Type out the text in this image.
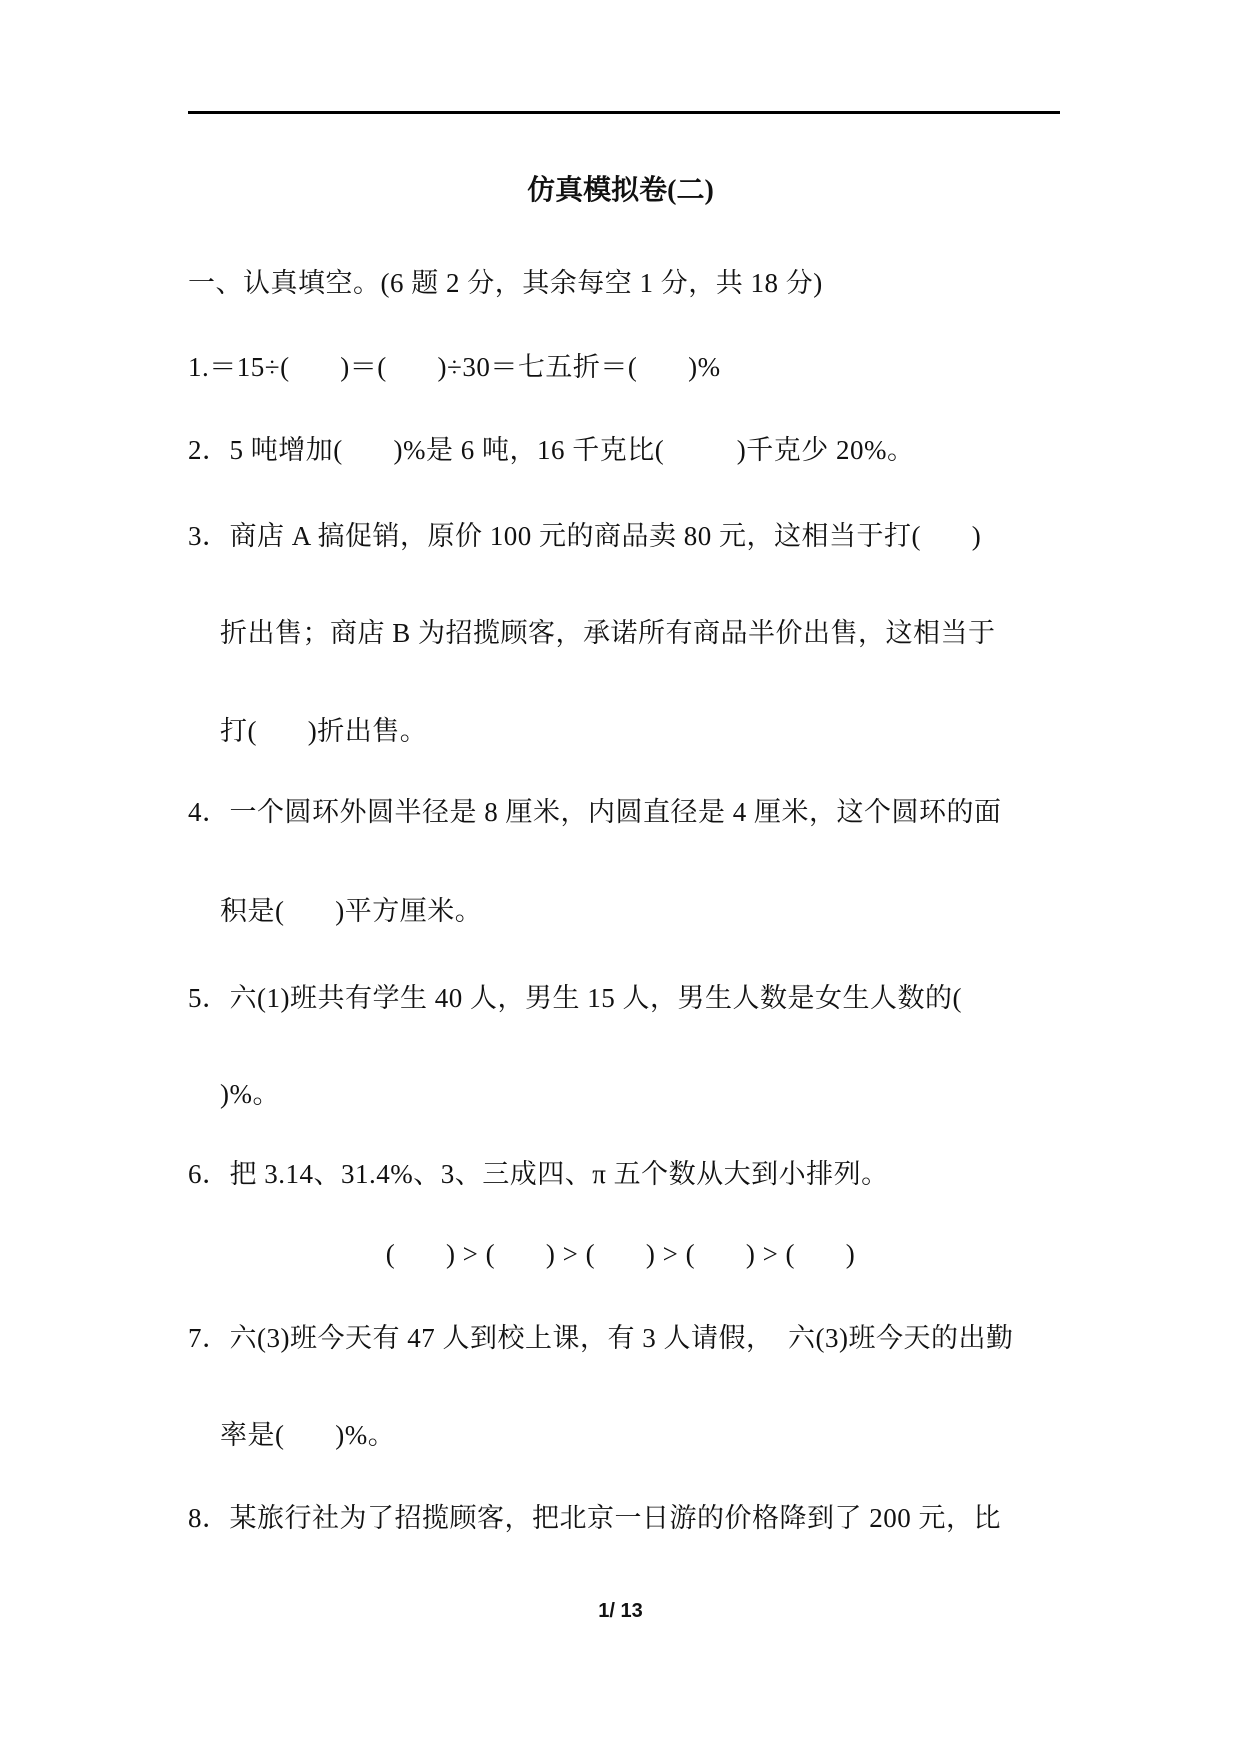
仿真模拟卷(二)
一、认真填空。(6 题 2 分，其余每空 1 分，共 18 分)
1.＝15÷(       )＝(       )÷30＝七五折＝(       )%
2．5 吨增加(       )%是 6 吨，16 千克比(          )千克少 20%。
3．商店 A 搞促销，原价 100 元的商品卖 80 元，这相当于打(       )
折出售；商店 B 为招揽顾客，承诺所有商品半价出售，这相当于
打(       )折出售。
4．一个圆环外圆半径是 8 厘米，内圆直径是 4 厘米，这个圆环的面
积是(       )平方厘米。
5．六(1)班共有学生 40 人，男生 15 人，男生人数是女生人数的(
)%。
6．把 3.14、31.4%、3、三成四、π 五个数从大到小排列。
(       ) > (       ) > (       ) > (       ) > (       )
7．六(3)班今天有 47 人到校上课，有 3 人请假，  六(3)班今天的出勤
率是(       )%。
8．某旅行社为了招揽顾客，把北京一日游的价格降到了 200 元，比
1/ 13
